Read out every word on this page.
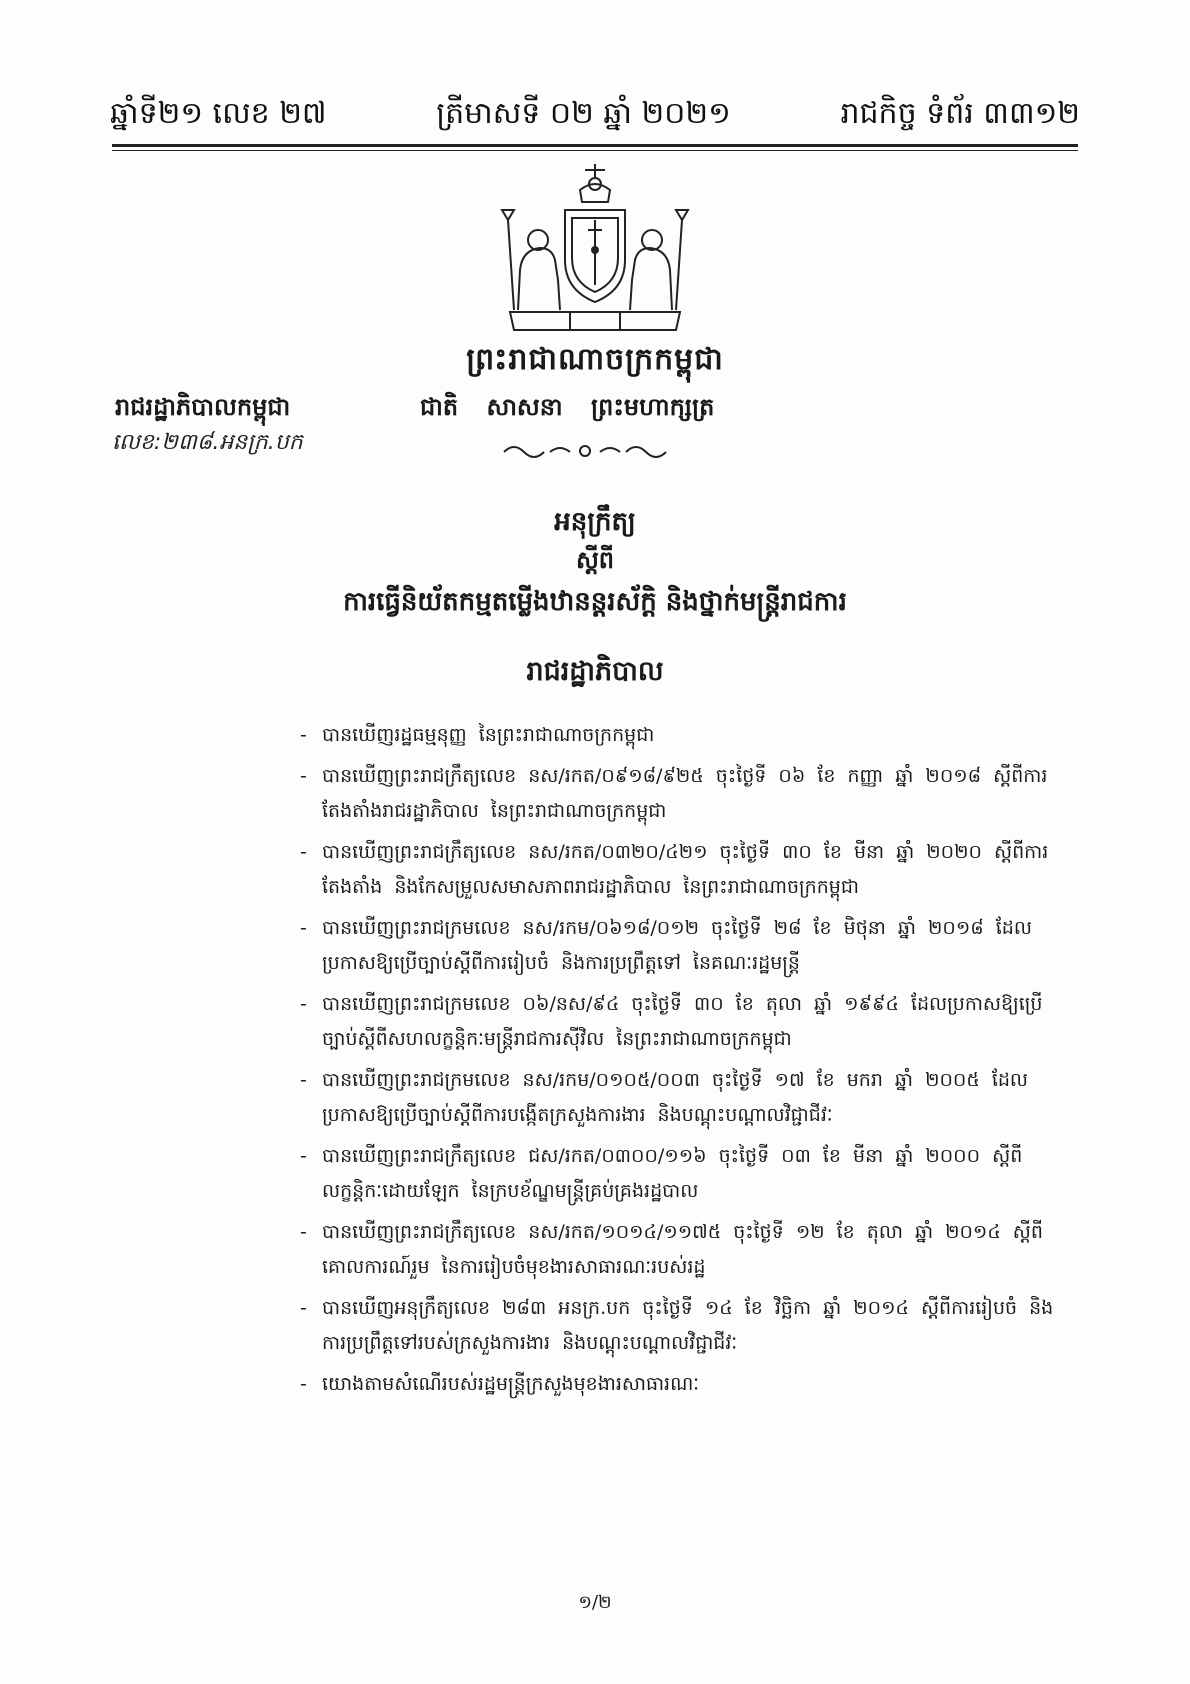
ឆ្នាំទី២១ លេខ ២៧	ត្រីមាសទី ០២ ឆ្នាំ ២០២១	រាជកិច្ច ទំព័រ ៣៣១២
ព្រះរាជាណាចក្រកម្ពុជា
រាជរដ្ឋាភិបាលកម្ពុជា	ជាតិ សាសនា ព្រះមហាក្សត្រ
លេខ:២៣៨.អនក្រ.បក
អនុក្រឹត្យ
ស្តីពី
ការធ្វើនិយ័តកម្មតម្លើងឋានន្តរស័ក្តិ និងថ្នាក់មន្ត្រីរាជការ
រាជរដ្ឋាភិបាល
- បានឃើញរដ្ឋធម្មនុញ្ញ នៃព្រះរាជាណាចក្រកម្ពុជា
- បានឃើញព្រះរាជក្រឹត្យលេខ នស/រកត/០៩១៨/៩២៥ ចុះថ្ងៃទី ០៦ ខែ កញ្ញា ឆ្នាំ ២០១៨ ស្តីពីការតែងតាំងរាជរដ្ឋាភិបាល នៃព្រះរាជាណាចក្រកម្ពុជា
- បានឃើញព្រះរាជក្រឹត្យលេខ នស/រកត/០៣២០/៤២១ ចុះថ្ងៃទី ៣០ ខែ មីនា ឆ្នាំ ២០២០ ស្តីពីការតែងតាំង និងកែសម្រួលសមាសភាពរាជរដ្ឋាភិបាល នៃព្រះរាជាណាចក្រកម្ពុជា
- បានឃើញព្រះរាជក្រមលេខ នស/រកម/០៦១៨/០១២ ចុះថ្ងៃទី ២៨ ខែ មិថុនា ឆ្នាំ ២០១៨ ដែលប្រកាសឱ្យប្រើច្បាប់ស្តីពីការរៀបចំ និងការប្រព្រឹត្តទៅ នៃគណៈរដ្ឋមន្ត្រី
- បានឃើញព្រះរាជក្រមលេខ ០៦/នស/៩៤ ចុះថ្ងៃទី ៣០ ខែ តុលា ឆ្នាំ ១៩៩៤ ដែលប្រកាសឱ្យប្រើច្បាប់ស្តីពីសហលក្ខន្តិកៈមន្ត្រីរាជការស៊ីវិល នៃព្រះរាជាណាចក្រកម្ពុជា
- បានឃើញព្រះរាជក្រមលេខ នស/រកម/០១០៥/០០៣ ចុះថ្ងៃទី ១៧ ខែ មករា ឆ្នាំ ២០០៥ ដែលប្រកាសឱ្យប្រើច្បាប់ស្តីពីការបង្កើតក្រសួងការងារ និងបណ្តុះបណ្តាលវិជ្ជាជីវៈ
- បានឃើញព្រះរាជក្រឹត្យលេខ ជស/រកត/០៣០០/១១៦ ចុះថ្ងៃទី ០៣ ខែ មីនា ឆ្នាំ ២០០០ ស្តីពីលក្ខន្តិកៈដោយឡែក នៃក្របខ័ណ្ឌមន្ត្រីគ្រប់គ្រងរដ្ឋបាល
- បានឃើញព្រះរាជក្រឹត្យលេខ នស/រកត/១០១៤/១១៧៥ ចុះថ្ងៃទី ១២ ខែ តុលា ឆ្នាំ ២០១៤ ស្តីពីគោលការណ៍រួម នៃការរៀបចំមុខងារសាធារណៈរបស់រដ្ឋ
- បានឃើញអនុក្រឹត្យលេខ ២៨៣ អនក្រ.បក ចុះថ្ងៃទី ១៤ ខែ វិច្ឆិកា ឆ្នាំ ២០១៤ ស្តីពីការរៀបចំ និងការប្រព្រឹត្តទៅរបស់ក្រសួងការងារ និងបណ្តុះបណ្តាលវិជ្ជាជីវៈ
- យោងតាមសំណើរបស់រដ្ឋមន្ត្រីក្រសួងមុខងារសាធារណៈ
១/២
